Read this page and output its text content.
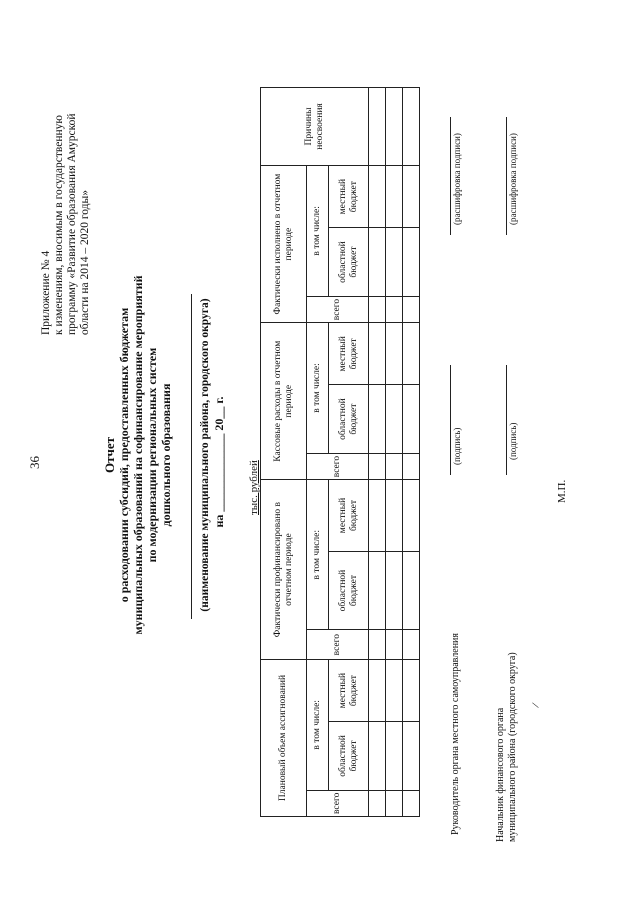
36
Приложение № 4 к изменениям, вносимым в государственную программу «Развитие образования Амурской области на 2014 – 2020 годы»
Отчет о расходовании субсидий, предоставленных бюджетам муниципальных образований на софинансирование мероприятий по модернизации региональных систем дошкольного образования (наименование муниципального района, городского округа) на _____________ 20__ г. тыс. рублей
Плановый объем ассигнований			Фактически профинансировано в отчетном периоде			Кассовые расходы в отчетном периоде			Фактически исполнено в отчетном периоде			Причины неосвоения
всего	в том числе:		всего	в том числе:		всего	в том числе:		всего	в том числе:		
	областной бюджет	местный бюджет		областной бюджет	местный бюджет		областной бюджет	местный бюджет		областной бюджет	местный бюджет	

Руководитель органа местного самоуправления
(подпись)
(расшифровка подписи)
Начальник финансового органа муниципального района (городского округа)
(подпись)
(расшифровка подписи)
М.П.
/
